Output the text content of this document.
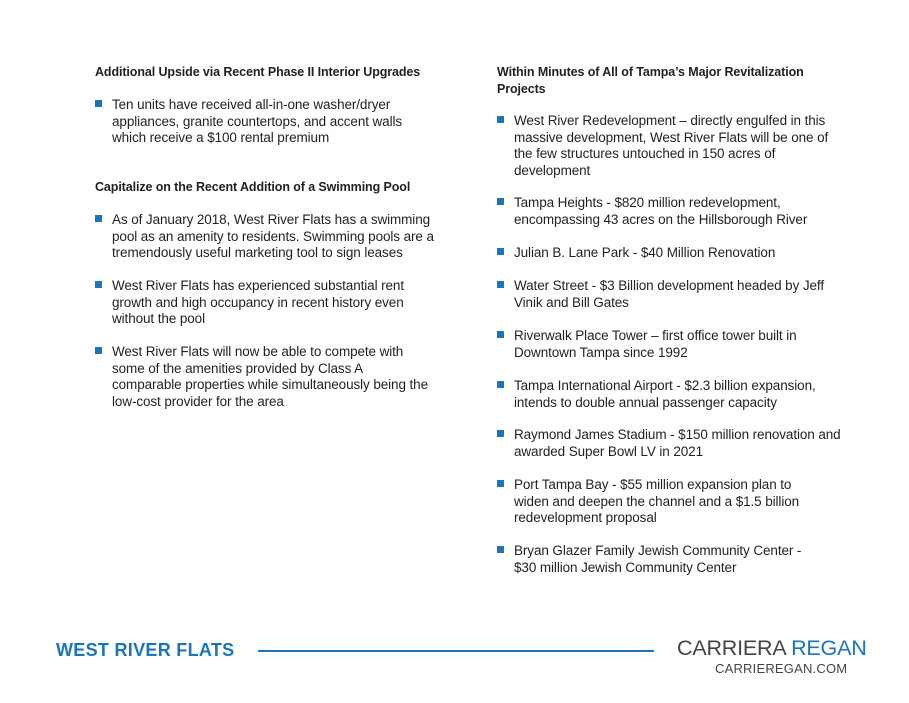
Additional Upside via Recent Phase II Interior Upgrades
Ten units have received all-in-one washer/dryer appliances, granite countertops, and accent walls which receive a $100 rental premium
Capitalize on the Recent Addition of a Swimming Pool
As of January 2018, West River Flats has a swimming pool as an amenity to residents. Swimming pools are a tremendously useful marketing tool to sign leases
West River Flats has experienced substantial rent growth and high occupancy in recent history even without the pool
West River Flats will now be able to compete with some of the amenities provided by Class A comparable properties while simultaneously being the low-cost provider for the area
Within Minutes of All of Tampa’s Major Revitalization Projects
West River Redevelopment – directly engulfed in this massive development, West River Flats will be one of the few structures untouched in 150 acres of development
Tampa Heights - $820 million redevelopment, encompassing 43 acres on the Hillsborough River
Julian B. Lane Park - $40 Million Renovation
Water Street - $3 Billion development headed by Jeff Vinik and Bill Gates
Riverwalk Place Tower – first office tower built in Downtown Tampa since 1992
Tampa International Airport - $2.3 billion expansion, intends to double annual passenger capacity
Raymond James Stadium - $150 million renovation and awarded Super Bowl LV in 2021
Port Tampa Bay - $55 million expansion plan to widen and deepen the channel and a $1.5 billion redevelopment proposal
Bryan Glazer Family Jewish Community Center - $30 million Jewish Community Center
WEST RIVER FLATS	CARRIERA REGAN
CARRIEREGAN.COM
